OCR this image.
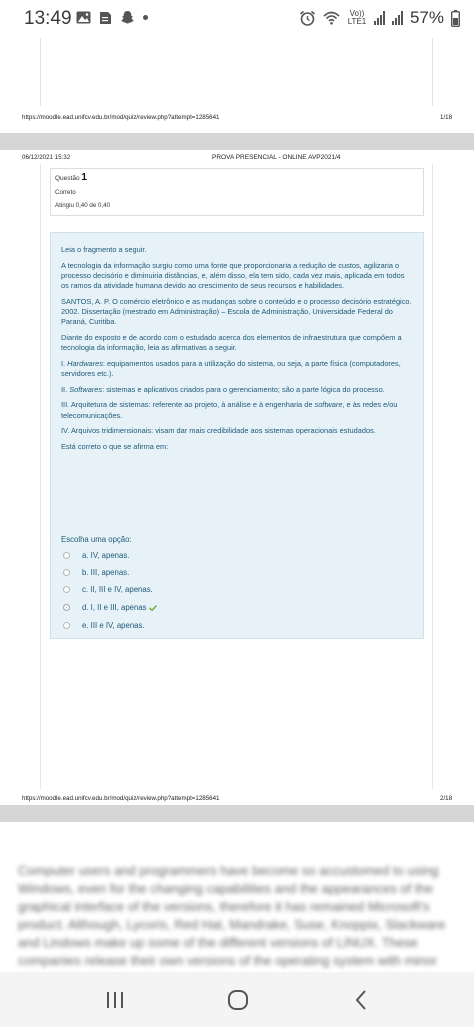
13:49	Vo)) LTE1	57%
https://moodle.ead.unifcv.edu.br/mod/quiz/review.php?attempt=1285641	1/18
06/12/2021 15:32	PROVA PRESENCIAL - ONLINE AVP2021/4
Questão 1
Correto
Atingiu 0,40 de 0,40

Leia o fragmento a seguir.

A tecnologia da informação surgiu como uma fonte que proporcionaria a redução de custos, agilizaria o processo decisório e diminuiria distâncias, e, além disso, ela tem sido, cada vez mais, aplicada em todos os ramos da atividade humana devido ao crescimento de seus recursos e habilidades.

SANTOS, A. P. O comércio eletrônico e as mudanças sobre o conteúdo e o processo decisório estratégico. 2002. Dissertação (mestrado em Administração) – Escola de Administração, Universidade Federal do Paraná, Curitiba.

Diante do exposto e de acordo com o estudado acerca dos elementos de infraestrutura que compõem a tecnologia da informação, leia as afirmativas a seguir.

I. Hardwares: equipamentos usados para a utilização do sistema, ou seja, a parte física (computadores, servidores etc.).

II. Softwares: sistemas e aplicativos criados para o gerenciamento; são a parte lógica do processo.

III. Arquitetura de sistemas: referente ao projeto, à análise e à engenharia de software, e às redes e/ou telecomunicações.

IV. Arquivos tridimensionais: visam dar mais credibilidade aos sistemas operacionais estudados.

Está correto o que se afirma em:

Escolha uma opção:
a. IV, apenas.
b. III, apenas.
c. II, III e IV, apenas.
d. I, II e III, apenas
e. III e IV, apenas.
https://moodle.ead.unifcv.edu.br/mod/quiz/review.php?attempt=1285641	2/18
Computer users and programmers have become so accustomed to using Windows, even for the changing capabilities and the appearances of the graphical interface of the versions, therefore it has remained Microsoft's product. Although, Lycoris, Red Hat, Mandrake, Suse, Knoppix, Slackware and Lindows make up some of the different versions of LINUX. These companies release their own versions of the operating system with minor
